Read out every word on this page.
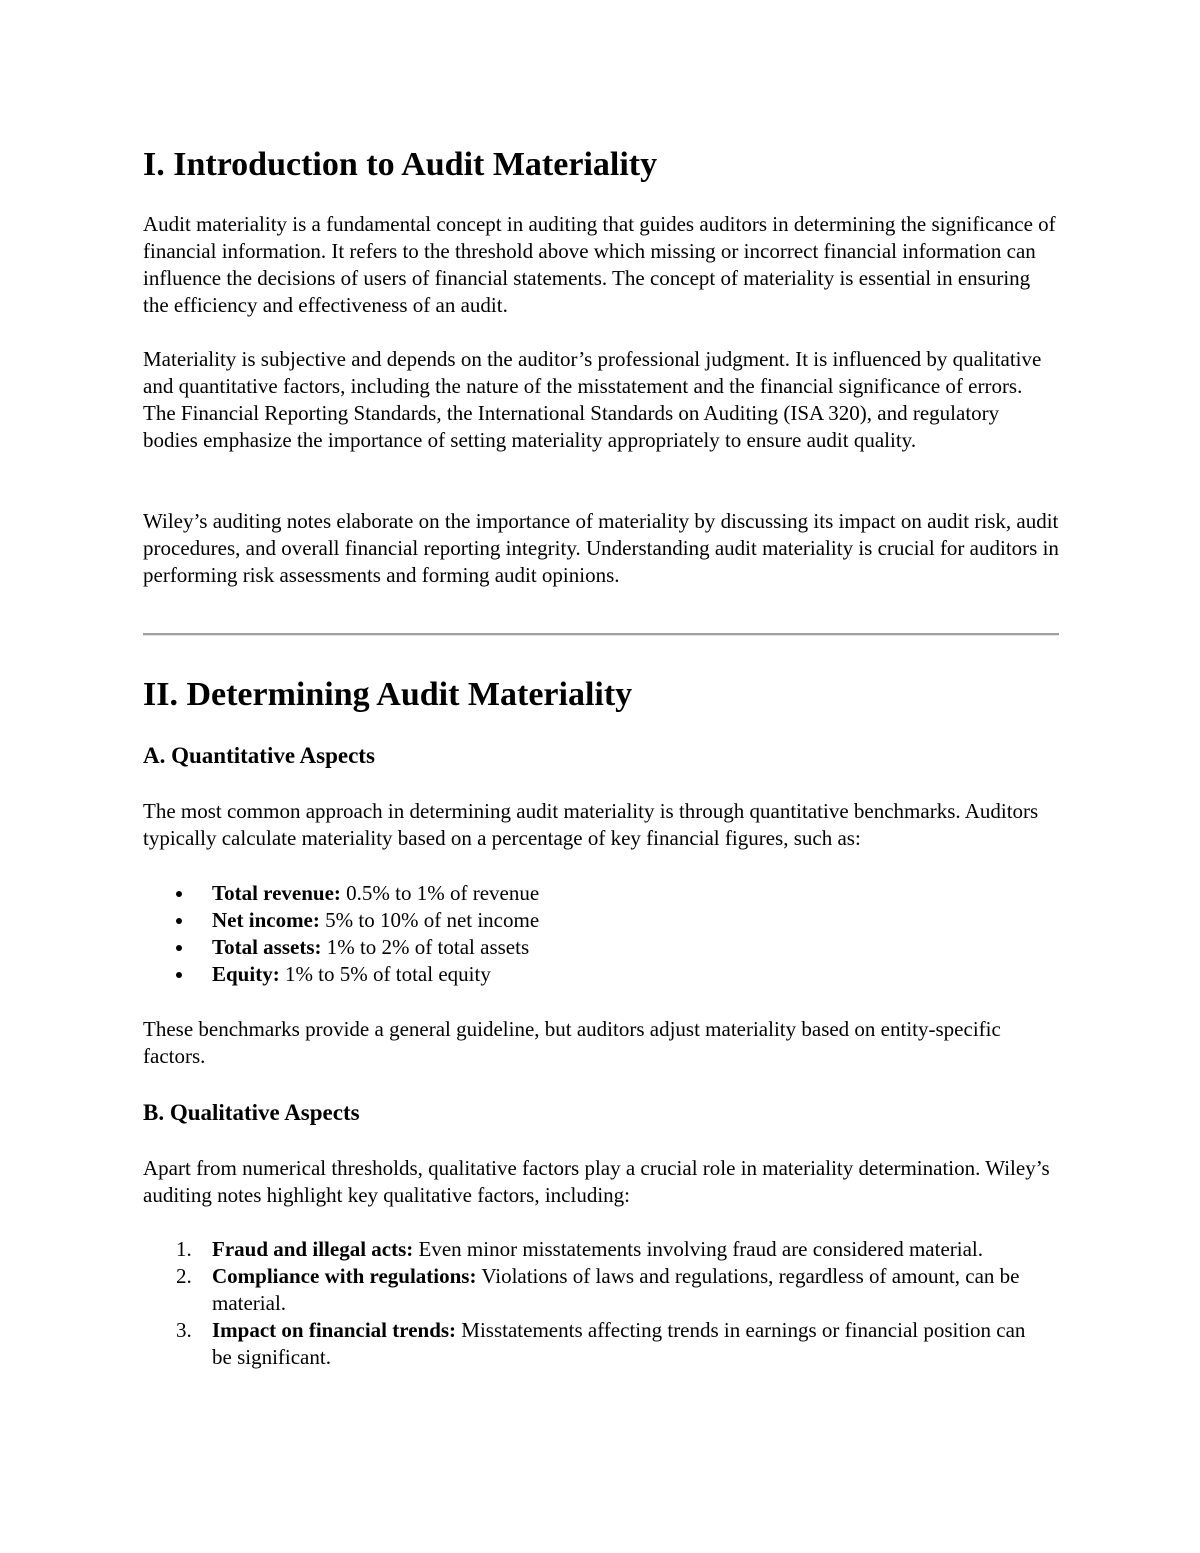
I. Introduction to Audit Materiality

Audit materiality is a fundamental concept in auditing that guides auditors in determining the significance of financial information. It refers to the threshold above which missing or incorrect financial information can influence the decisions of users of financial statements. The concept of materiality is essential in ensuring the efficiency and effectiveness of an audit.

Materiality is subjective and depends on the auditor’s professional judgment. It is influenced by qualitative and quantitative factors, including the nature of the misstatement and the financial significance of errors. The Financial Reporting Standards, the International Standards on Auditing (ISA 320), and regulatory bodies emphasize the importance of setting materiality appropriately to ensure audit quality.

Wiley’s auditing notes elaborate on the importance of materiality by discussing its impact on audit risk, audit procedures, and overall financial reporting integrity. Understanding audit materiality is crucial for auditors in performing risk assessments and forming audit opinions.

II. Determining Audit Materiality
A. Quantitative Aspects

The most common approach in determining audit materiality is through quantitative benchmarks. Auditors typically calculate materiality based on a percentage of key financial figures, such as:

Total revenue: 0.5% to 1% of revenue
Net income: 5% to 10% of net income
Total assets: 1% to 2% of total assets
Equity: 1% to 5% of total equity

These benchmarks provide a general guideline, but auditors adjust materiality based on entity-specific factors.

B. Qualitative Aspects

Apart from numerical thresholds, qualitative factors play a crucial role in materiality determination. Wiley’s auditing notes highlight key qualitative factors, including:

1. Fraud and illegal acts: Even minor misstatements involving fraud are considered material.
2. Compliance with regulations: Violations of laws and regulations, regardless of amount, can be material.
3. Impact on financial trends: Misstatements affecting trends in earnings or financial position can be significant.
